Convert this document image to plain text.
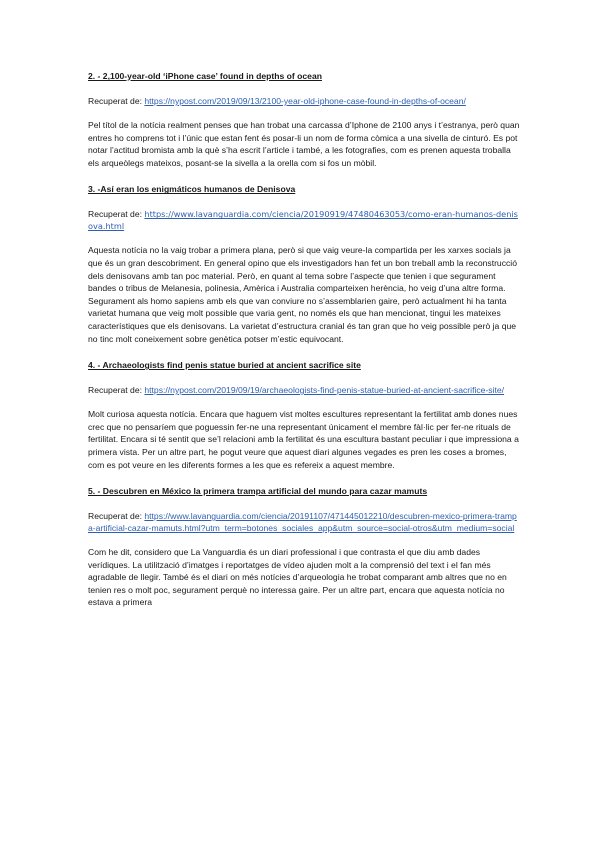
2. - 2,100-year-old ‘iPhone case’ found in depths of ocean

Recuperat de: https://nypost.com/2019/09/13/2100-year-old-iphone-case-found-in-depths-of-ocean/

Pel títol de la notícia realment penses que han trobat una carcassa d’Iphone de 2100 anys i t’estranya, però quan entres ho comprens tot i l’únic que estan fent és posar-li un nom de forma còmica a una sivella de cinturó. Es pot notar l’actitud bromista amb la què s’ha escrit l’article i també, a les fotografies, com es prenen aquesta troballa els arqueòlegs mateixos, posant-se la sivella a la orella com si fos un mòbil.

3. -Así eran los enigmáticos humanos de Denisova

Recuperat de: https://www.lavanguardia.com/ciencia/20190919/47480463053/como-eran-humanos-denisova.html

Aquesta notícia no la vaig trobar a primera plana, però si que vaig veure-la compartida per les xarxes socials ja que és un gran descobriment. En general opino que els investigadors han fet un bon treball amb la reconstrucció dels denisovans amb tan poc material. Però, en quant al tema sobre l’aspecte que tenien i que segurament bandes o tribus de Melanesia, polinesia, Amèrica i Australia comparteixen herència, ho veig d’una altre forma. Segurament als homo sapiens amb els que van conviure no s’assemblarien gaire, però actualment hi ha tanta varietat humana que veig molt possible que varia gent, no només els que han mencionat, tingui les mateixes característiques que els denisovans. La varietat d’estructura cranial és tan gran que ho veig possible però ja que no tinc molt coneixement sobre genètica potser m’estic equivocant.

4. - Archaeologists find penis statue buried at ancient sacrifice site

Recuperat de: https://nypost.com/2019/09/19/archaeologists-find-penis-statue-buried-at-ancient-sacrifice-site/

Molt curiosa aquesta notícia. Encara que haguem vist moltes escultures representant la fertilitat amb dones nues crec que no pensaríem que poguessin fer-ne una representant únicament el membre fàl·lic per fer-ne rituals de fertilitat. Encara si té sentit que se’l relacioni amb la fertilitat és una escultura bastant peculiar i que impressiona a primera vista. Per un altre part, he pogut veure que aquest diari algunes vegades es pren les coses a bromes, com es pot veure en les diferents formes a les que es refereix a aquest membre.

5. - Descubren en México la primera trampa artificial del mundo para cazar mamuts

Recuperat de: https://www.lavanguardia.com/ciencia/20191107/471445012210/descubren-mexico-primera-trampa-artificial-cazar-mamuts.html?utm_term=botones_sociales_app&utm_source=social-otros&utm_medium=social

Com he dit, considero que La Vanguardia és un diari professional i que contrasta el que diu amb dades verídiques. La utilització d’imatges i reportatges de vídeo ajuden molt a la comprensió del text i el fan més agradable de llegir. També és el diari on més notícies d’arqueologia he trobat comparant amb altres que no en tenien res o molt poc, segurament perquè no interessa gaire. Per un altre part, encara que aquesta notícia no estava a primera
